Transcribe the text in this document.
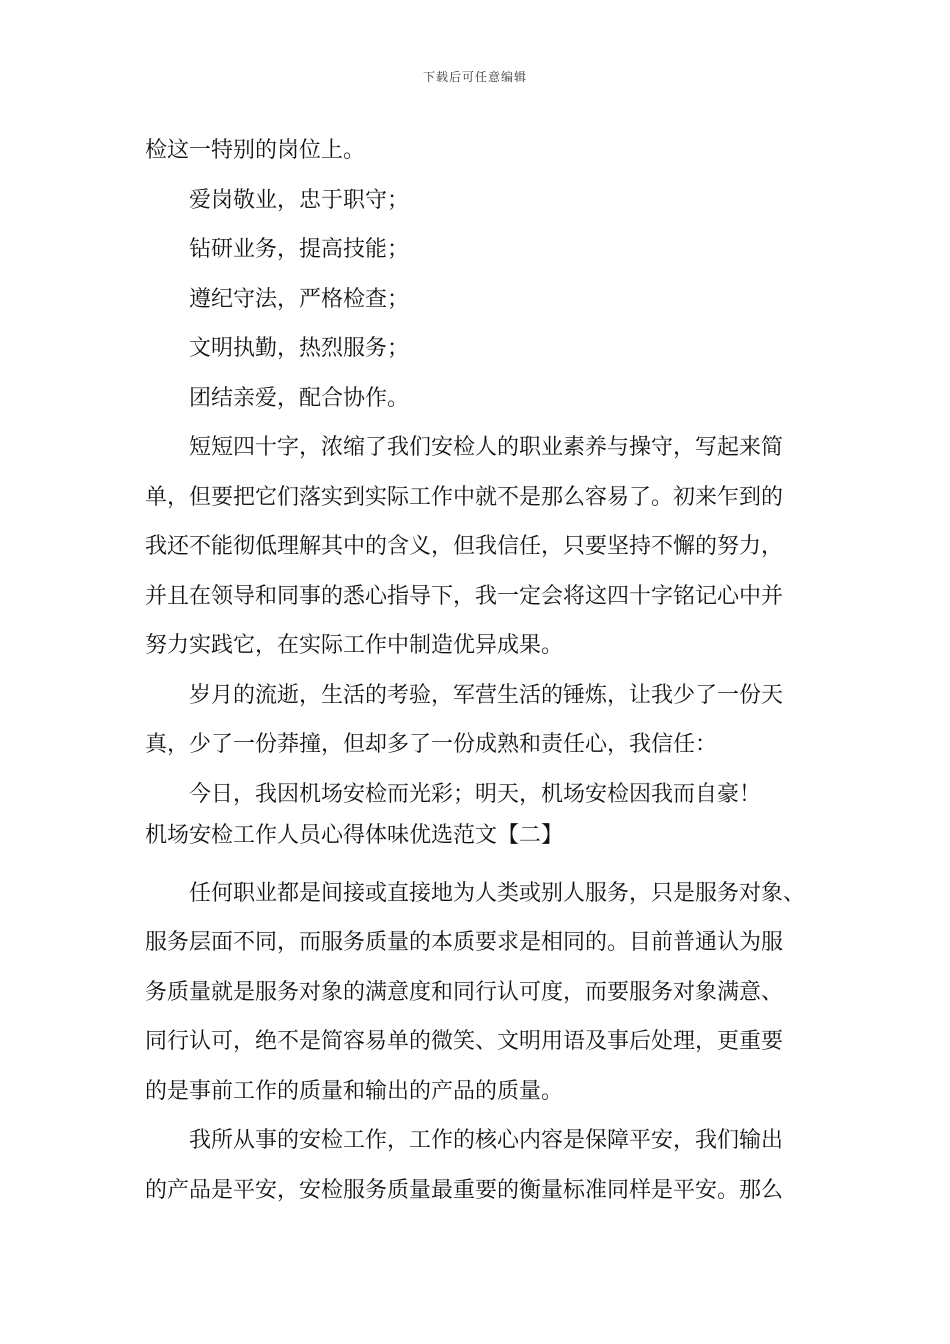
下载后可任意编辑
检这一特别的岗位上。
爱岗敬业，忠于职守；
钻研业务，提高技能；
遵纪守法，严格检查；
文明执勤，热烈服务；
团结亲爱，配合协作。
短短四十字，浓缩了我们安检人的职业素养与操守，写起来简
单，但要把它们落实到实际工作中就不是那么容易了。初来乍到的
我还不能彻低理解其中的含义，但我信任，只要坚持不懈的努力，
并且在领导和同事的悉心指导下，我一定会将这四十字铭记心中并
努力实践它，在实际工作中制造优异成果。
岁月的流逝，生活的考验，军营生活的锤炼，让我少了一份天
真，少了一份莽撞，但却多了一份成熟和责任心，我信任：
今日，我因机场安检而光彩；明天，机场安检因我而自豪！
机场安检工作人员心得体味优选范文【二】
任何职业都是间接或直接地为人类或别人服务，只是服务对象、
服务层面不同，而服务质量的本质要求是相同的。目前普通认为服
务质量就是服务对象的满意度和同行认可度，而要服务对象满意、
同行认可，绝不是简容易单的微笑、文明用语及事后处理，更重要
的是事前工作的质量和输出的产品的质量。
我所从事的安检工作，工作的核心内容是保障平安，我们输出
的产品是平安，安检服务质量最重要的衡量标准同样是平安。那么
